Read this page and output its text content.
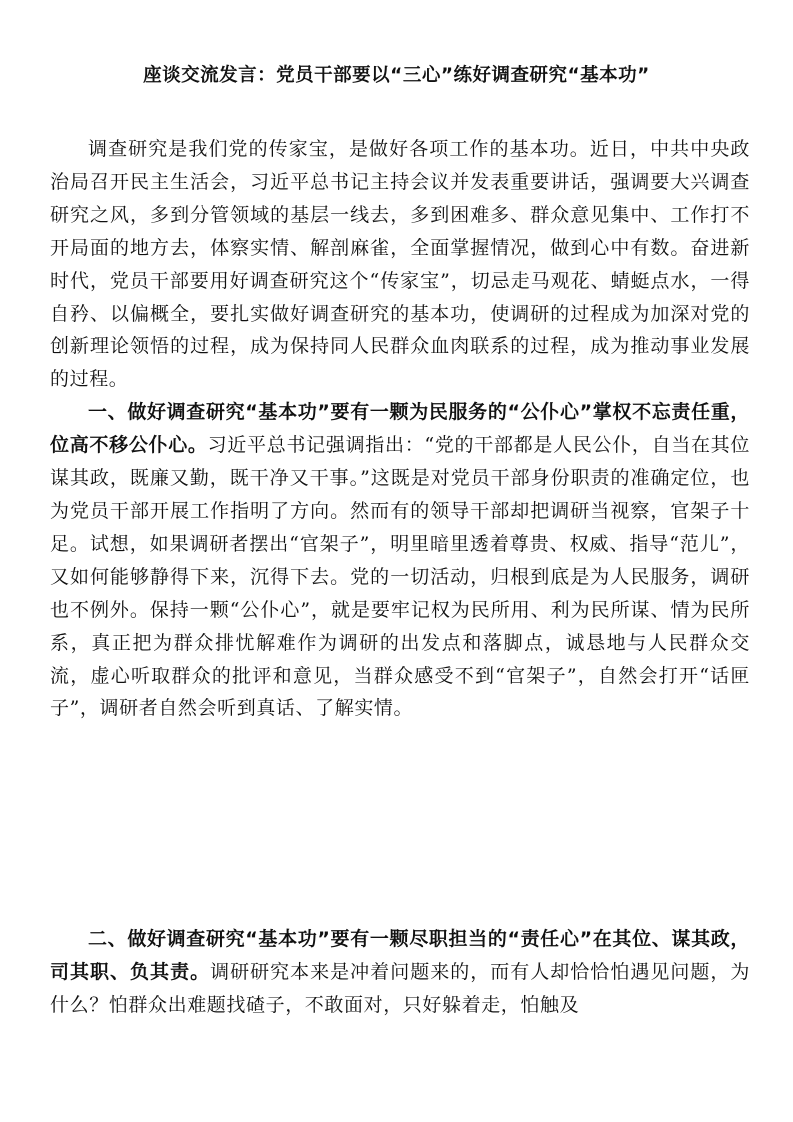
座谈交流发言：党员干部要以“三心”练好调查研究“基本功”

调查研究是我们党的传家宝，是做好各项工作的基本功。近日，中共中央政治局召开民主生活会，习近平总书记主持会议并发表重要讲话，强调要大兴调查研究之风，多到分管领域的基层一线去，多到困难多、群众意见集中、工作打不开局面的地方去，体察实情、解剖麻雀，全面掌握情况，做到心中有数。奋进新时代，党员干部要用好调查研究这个“传家宝”，切忌走马观花、蜻蜓点水，一得自矜、以偏概全，要扎实做好调查研究的基本功，使调研的过程成为加深对党的创新理论领悟的过程，成为保持同人民群众血肉联系的过程，成为推动事业发展的过程。

一、做好调查研究“基本功”要有一颗为民服务的“公仆心”掌权不忘责任重，位高不移公仆心。习近平总书记强调指出：“党的干部都是人民公仆，自当在其位谋其政，既廉又勤，既干净又干事。”这既是对党员干部身份职责的准确定位，也为党员干部开展工作指明了方向。然而有的领导干部却把调研当视察，官架子十足。试想，如果调研者摆出“官架子”，明里暗里透着尊贵、权威、指导“范儿”，又如何能够静得下来，沉得下去。党的一切活动，归根到底是为人民服务，调研也不例外。保持一颗“公仆心”，就是要牢记权为民所用、利为民所谋、情为民所系，真正把为群众排忧解难作为调研的出发点和落脚点，诚恳地与人民群众交流，虚心听取群众的批评和意见，当群众感受不到“官架子”，自然会打开“话匣子”，调研者自然会听到真话、了解实情。

二、做好调查研究“基本功”要有一颗尽职担当的“责任心”在其位、谋其政，司其职、负其责。调研研究本来是冲着问题来的，而有人却恰恰怕遇见问题，为什么？怕群众出难题找碴子，不敢面对，只好躲着走，怕触及
